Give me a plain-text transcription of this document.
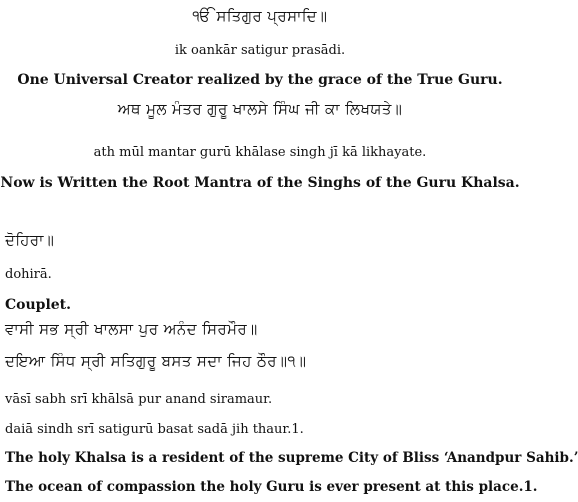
ੴ ਸਤਿਗੁਰ ਪ੍ਰਸਾਦਿ॥

ik oankār satigur prasādi.

One Universal Creator realized by the grace of the True Guru.

ਅਥ ਮੂਲ ਮੰਤਰ ਗੁਰੂ ਖਾਲਸੇ ਸਿੰਘ ਜੀ ਕਾ ਲਿਖਯਤੇ॥

ath mūl mantar gurū khālase singh jī kā likhayate.

Now is Written the Root Mantra of the Singhs of the Guru Khalsa.

ਦੋਹਿਰਾ॥

dohirā.

Couplet.

ਵਾਸੀ ਸਭ ਸ੍ਰੀ ਖਾਲਸਾ ਪੁਰ ਅਨੰਦ ਸਿਰਮੌਰ॥

ਦਇਆ ਸਿੰਧ ਸ੍ਰੀ ਸਤਿਗੁਰੂ ਬਸਤ ਸਦਾ ਜਿਹ ਠੌਰ॥੧॥

vāsī sabh srī khālsā pur anand siramaur.

daiā sindh srī satigurū basat sadā jih thaur.1.

The holy Khalsa is a resident of the supreme City of Bliss ‘Anandpur Sahib.’

The ocean of compassion the holy Guru is ever present at this place.1.
